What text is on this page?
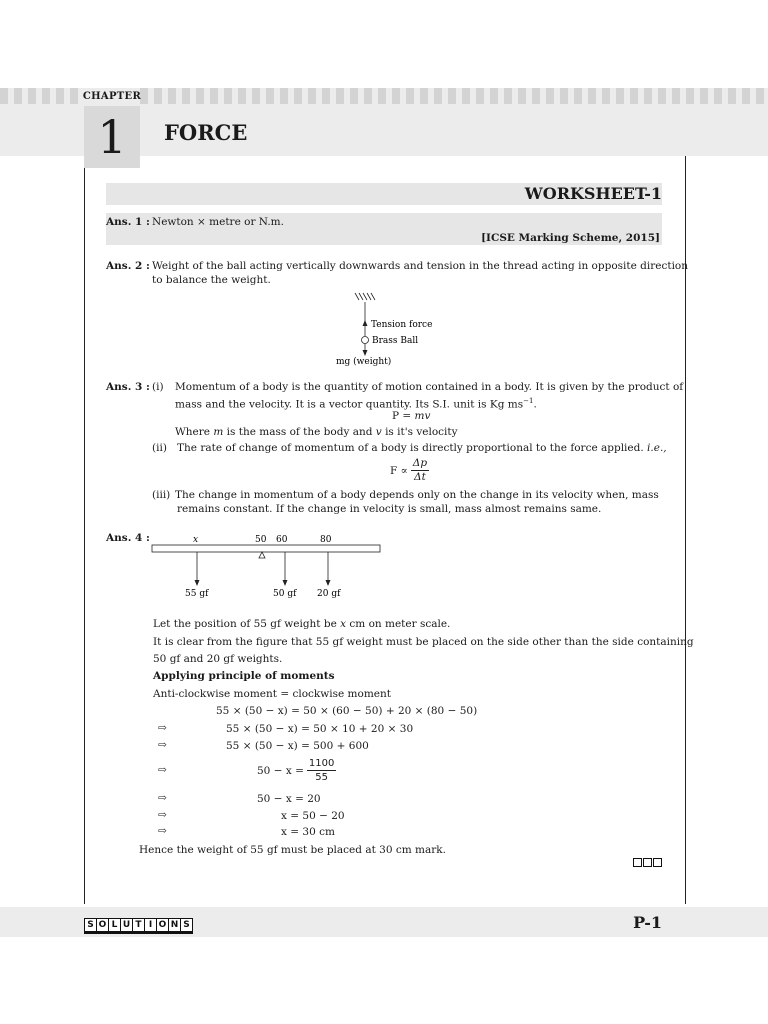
CHAPTER
1	FORCE
WORKSHEET-1
Ans. 1 : Newton × metre or N.m.
[ICSE Marking Scheme, 2015]
Ans. 2 : Weight of the ball acting vertically downwards and tension in the thread acting in opposite direction
to balance the weight.
Tension force
Brass Ball
mg (weight)
Ans. 3 : (i) Momentum of a body is the quantity of motion contained in a body. It is given by the product of
mass and the velocity. It is a vector quantity. Its S.I. unit is Kg $ms^{-1}$.
P = mv
Where m is the mass of the body and v is it's velocity
(ii) The rate of change of momentum of a body is directly proportional to the force applied. i.e.,
$F \propto \frac{\Delta p}{\Delta t}$
(iii) The change in momentum of a body depends only on the change in its velocity when, mass
remains constant. If the change in velocity is small, mass almost remains same.
Ans. 4 :	x	50 60	80
55 gf	50 gf 20 gf
Let the position of 55 gf weight be x cm on meter scale.
It is clear from the figure that 55 gf weight must be placed on the side other than the side containing
50 gf and 20 gf weights.
Applying principle of moments
Anti-clockwise moment = clockwise moment
55 × (50 − x) = 50 × (60 − 50) + 20 × (80 − 50)
⇨	55 × (50 − x) = 50 × 10 + 20 × 30
⇨	55 × (50 − x) = 500 + 600
⇨	$50 - x = \frac{1100}{55}$
⇨	50 − x = 20
⇨	x = 50 − 20
⇨	x = 30 cm
Hence the weight of 55 gf must be placed at 30 cm mark.
S O L U T I O N S	P-1
